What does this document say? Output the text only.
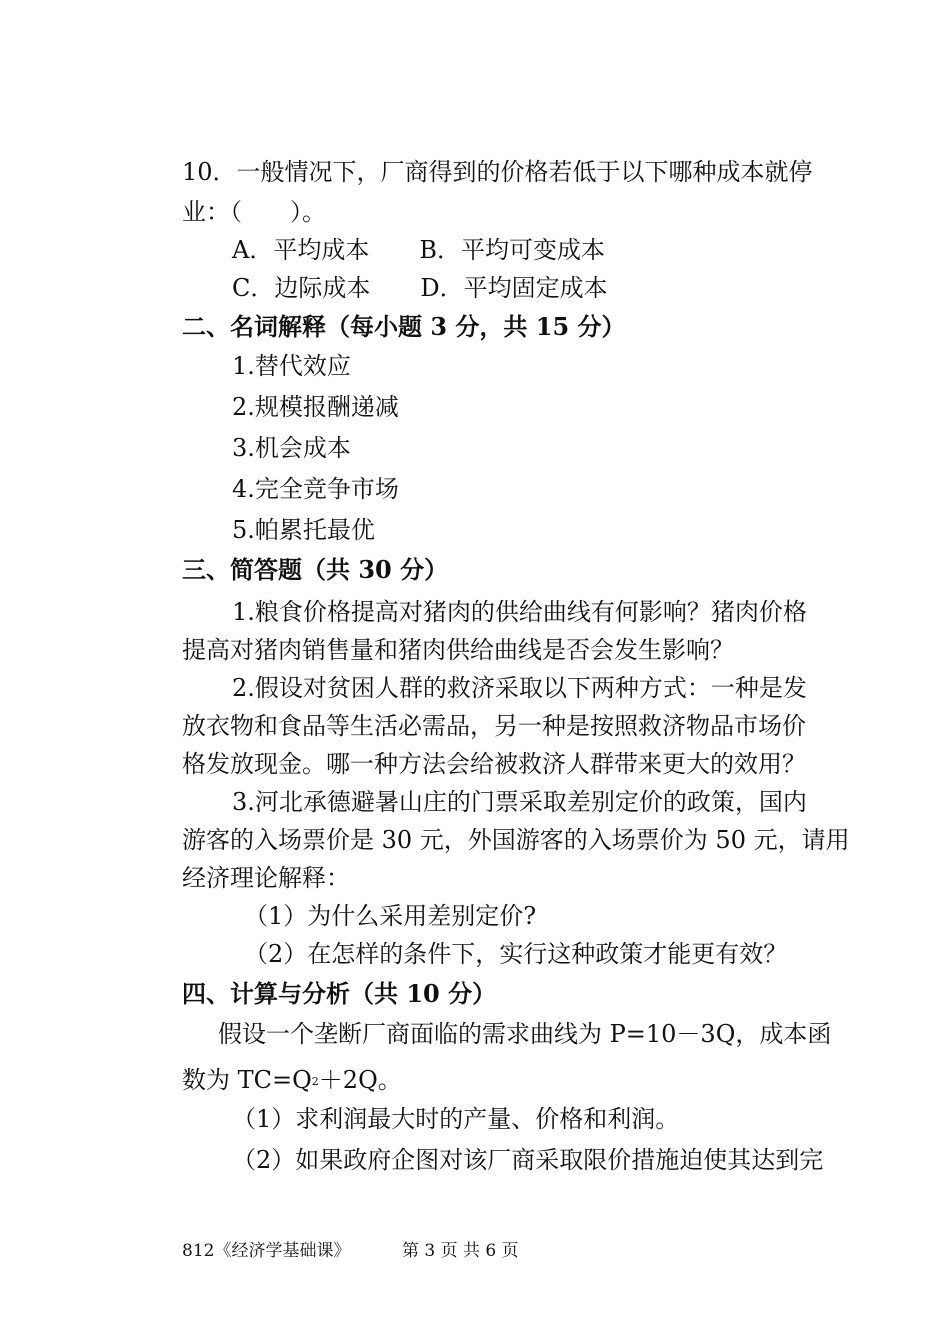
10．一般情况下，厂商得到的价格若低于以下哪种成本就停
业：（　　）。
A．平均成本 B．平均可变成本
C．边际成本 D．平均固定成本
二、名词解释（每小题 3 分，共 15 分）
1.替代效应
2.规模报酬递减
3.机会成本
4.完全竞争市场
5.帕累托最优
三、简答题（共 30 分）
1.粮食价格提高对猪肉的供给曲线有何影响？猪肉价格
提高对猪肉销售量和猪肉供给曲线是否会发生影响？
2.假设对贫困人群的救济采取以下两种方式：一种是发
放衣物和食品等生活必需品，另一种是按照救济物品市场价
格发放现金。哪一种方法会给被救济人群带来更大的效用？
3.河北承德避暑山庄的门票采取差别定价的政策，国内
游客的入场票价是 30 元，外国游客的入场票价为 50 元，请用
经济理论解释：
（1）为什么采用差别定价?
（2）在怎样的条件下，实行这种政策才能更有效？
四、计算与分析（共 10 分）
假设一个垄断厂商面临的需求曲线为 P=10－3Q，成本函
数为 $TC=Q^2+2Q$。
（1）求利润最大时的产量、价格和利润。
（2）如果政府企图对该厂商采取限价措施迫使其达到完
812《经济学基础课》	第 3 页 共 6 页
